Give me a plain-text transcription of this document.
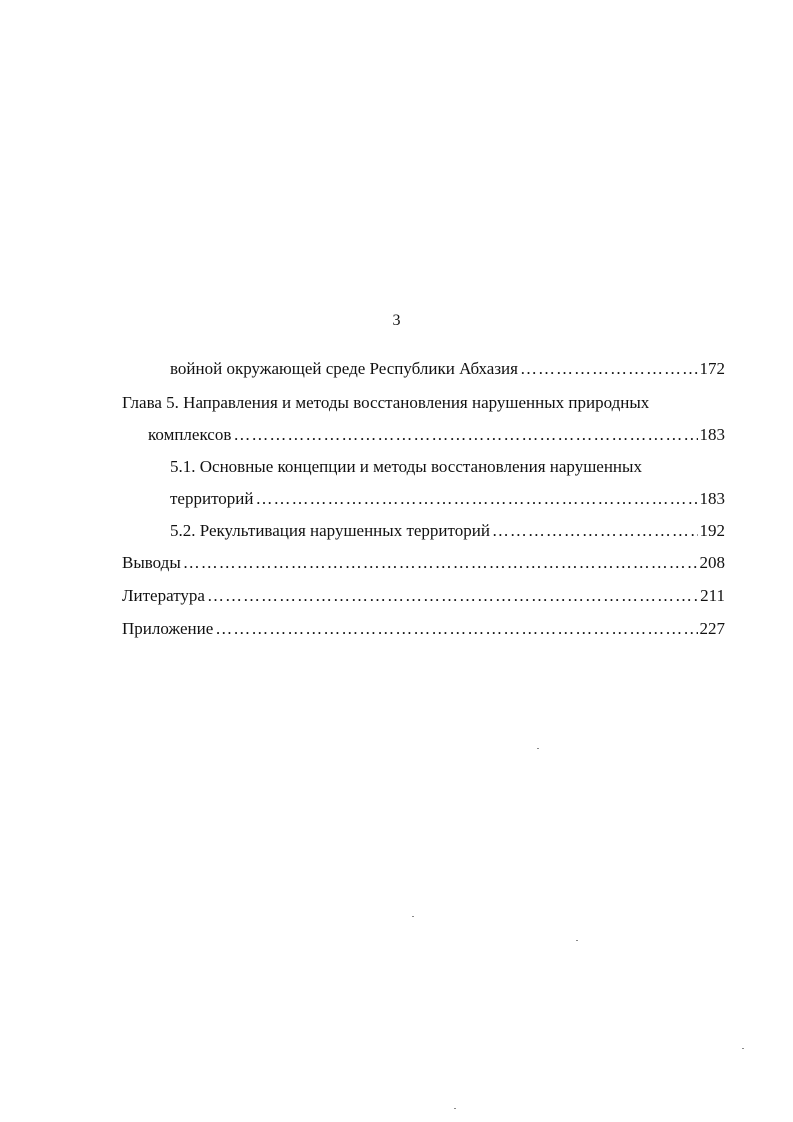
3
войной окружающей среде Республики Абхазия …………………………………………………………………………………………………………………………………………………………	172
Глава 5. Направления и методы восстановления нарушенных природных
комплексов …………………………………………………………………………………………………………………………………………………………	183
5.1. Основные концепции и методы восстановления нарушенных
территорий …………………………………………………………………………………………………………………………………………………………	183
5.2. Рекультивация нарушенных территорий …………………………………………………………………………………………………………………………………………………………	192
Выводы …………………………………………………………………………………………………………………………………………………………	208
Литература …………………………………………………………………………………………………………………………………………………………	211
Приложение …………………………………………………………………………………………………………………………………………………………	227
